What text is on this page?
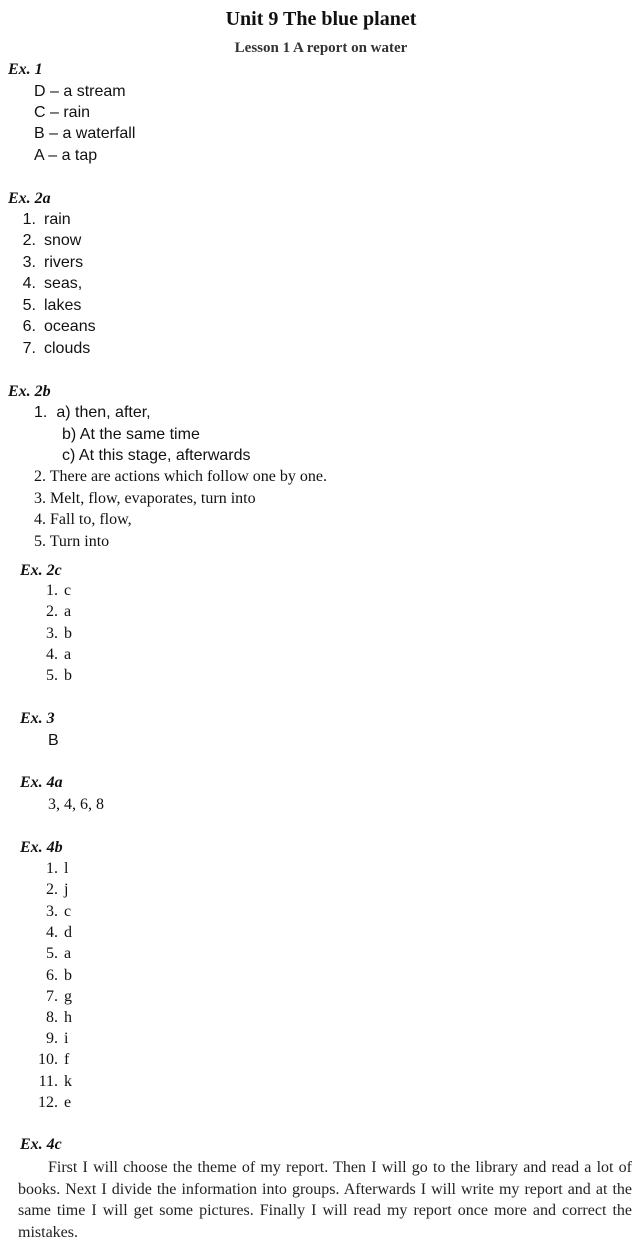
Unit 9 The blue planet
Lesson 1 A report on water
Ex. 1
D – a stream
C – rain
B – a waterfall
A – a tap
Ex. 2a
1. rain
2. snow
3. rivers
4. seas,
5. lakes
6. oceans
7. clouds
Ex. 2b
1. a) then, after,
b) At the same time
c) At this stage, afterwards
2. There are actions which follow one by one.
3. Melt, flow, evaporates, turn into
4. Fall to, flow,
5. Turn into
Ex. 2c
1. c
2. a
3. b
4. a
5. b
Ex. 3
B
Ex. 4a
3, 4, 6, 8
Ex. 4b
1. l
2. j
3. c
4. d
5. a
6. b
7. g
8. h
9. i
10. f
11. k
12. e
Ex. 4c
First I will choose the theme of my report. Then I will go to the library and read a lot of books. Next I divide the information into groups. Afterwards I will write my report and at the same time I will get some pictures. Finally I will read my report once more and correct the mistakes.
